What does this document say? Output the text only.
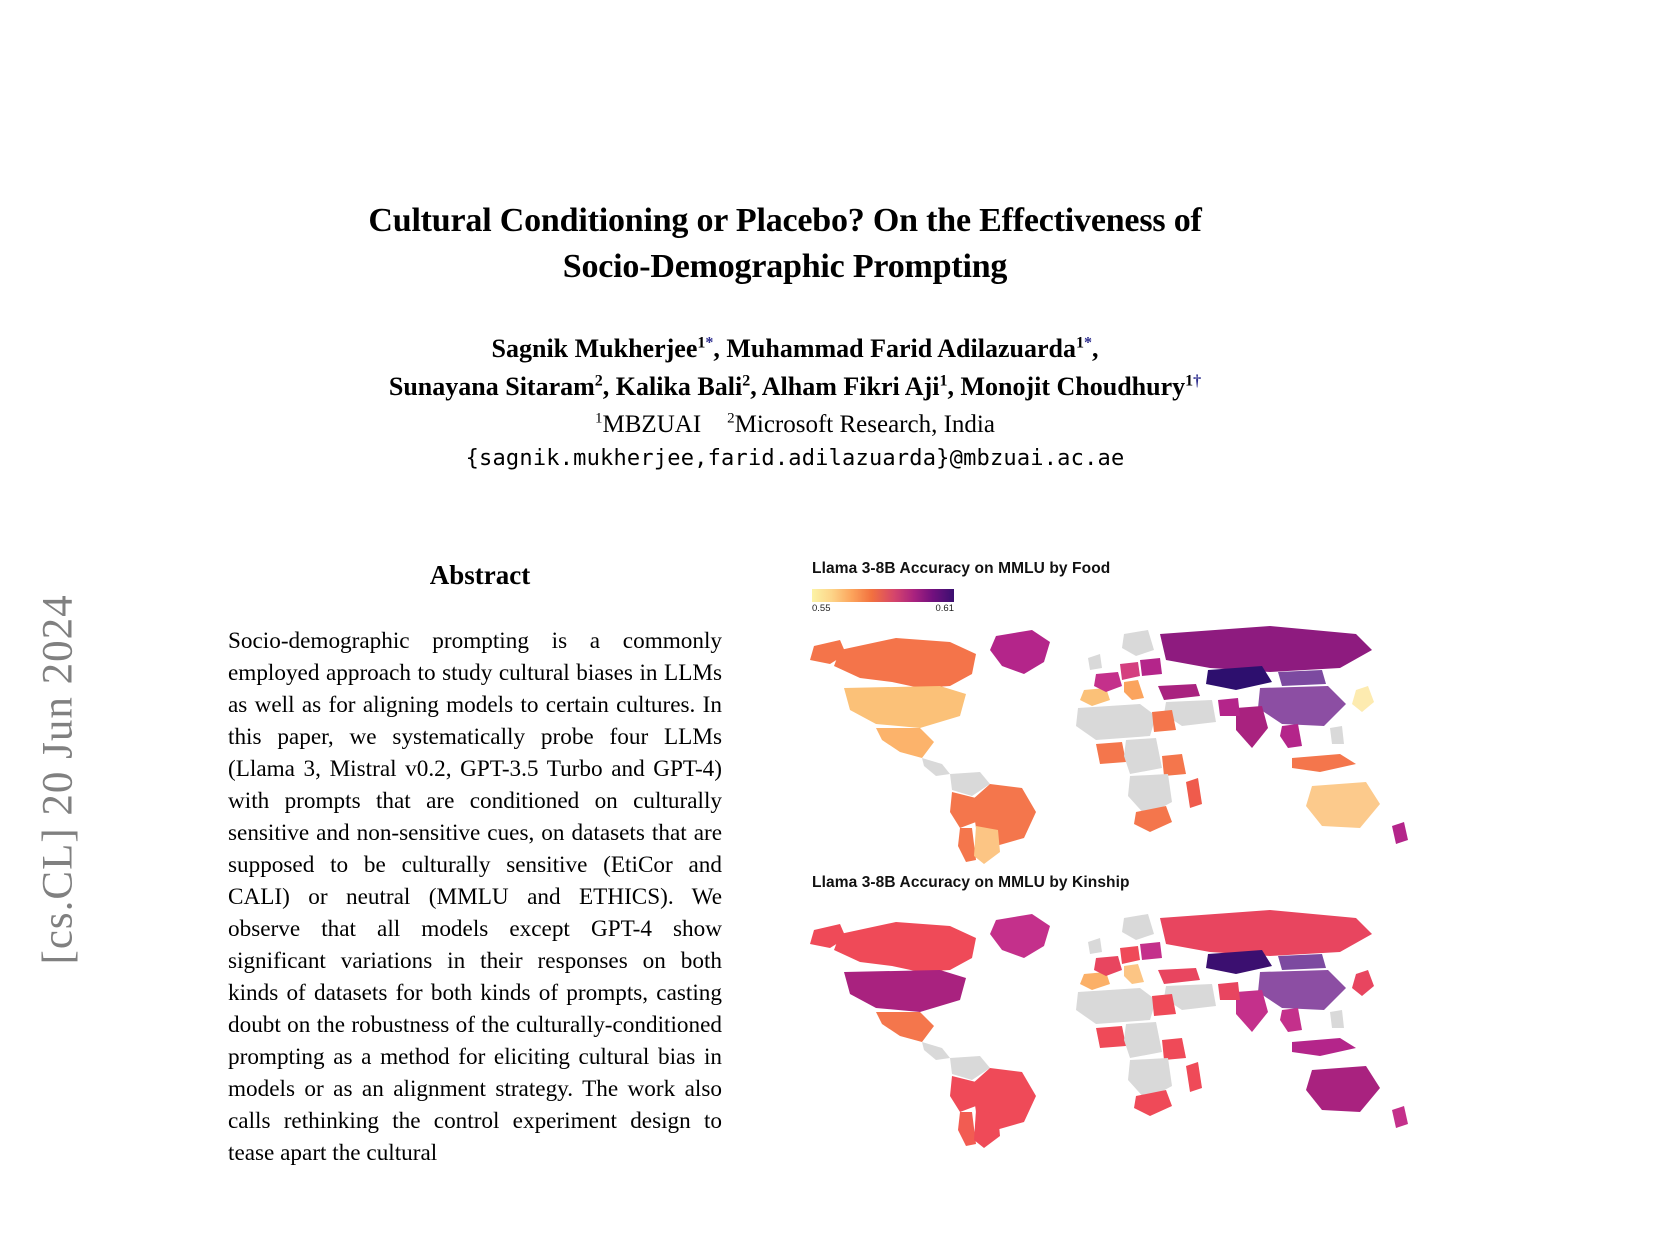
[cs.CL] 20 Jun 2024
Cultural Conditioning or Placebo? On the Effectiveness of
Socio-Demographic Prompting
Sagnik Mukherjee$^{1*}$, Muhammad Farid Adilazuarda$^{1*}$,
Sunayana Sitaram$^2$, Kalika Bali$^2$, Alham Fikri Aji$^1$, Monojit Choudhury$^{1\dagger}$
$^1$MBZUAI $^2$Microsoft Research, India
{sagnik.mukherjee,farid.adilazuarda}@mbzuai.ac.ae
Abstract
Socio-demographic prompting is a commonly employed approach to study cultural biases in LLMs as well as for aligning models to certain cultures. In this paper, we systematically probe four LLMs (Llama 3, Mistral v0.2, GPT-3.5 Turbo and GPT-4) with prompts that are conditioned on culturally sensitive and non-sensitive cues, on datasets that are supposed to be culturally sensitive (EtiCor and CALI) or neutral (MMLU and ETHICS). We observe that all models except GPT-4 show significant variations in their responses on both kinds of datasets for both kinds of prompts, casting doubt on the robustness of the culturally-conditioned prompting as a method for eliciting cultural bias in models or as an alignment strategy. The work also calls rethinking the control experiment design to tease apart the cultural
Llama 3-8B Accuracy on MMLU by Food
0.55	0.61
Llama 3-8B Accuracy on MMLU by Kinship
